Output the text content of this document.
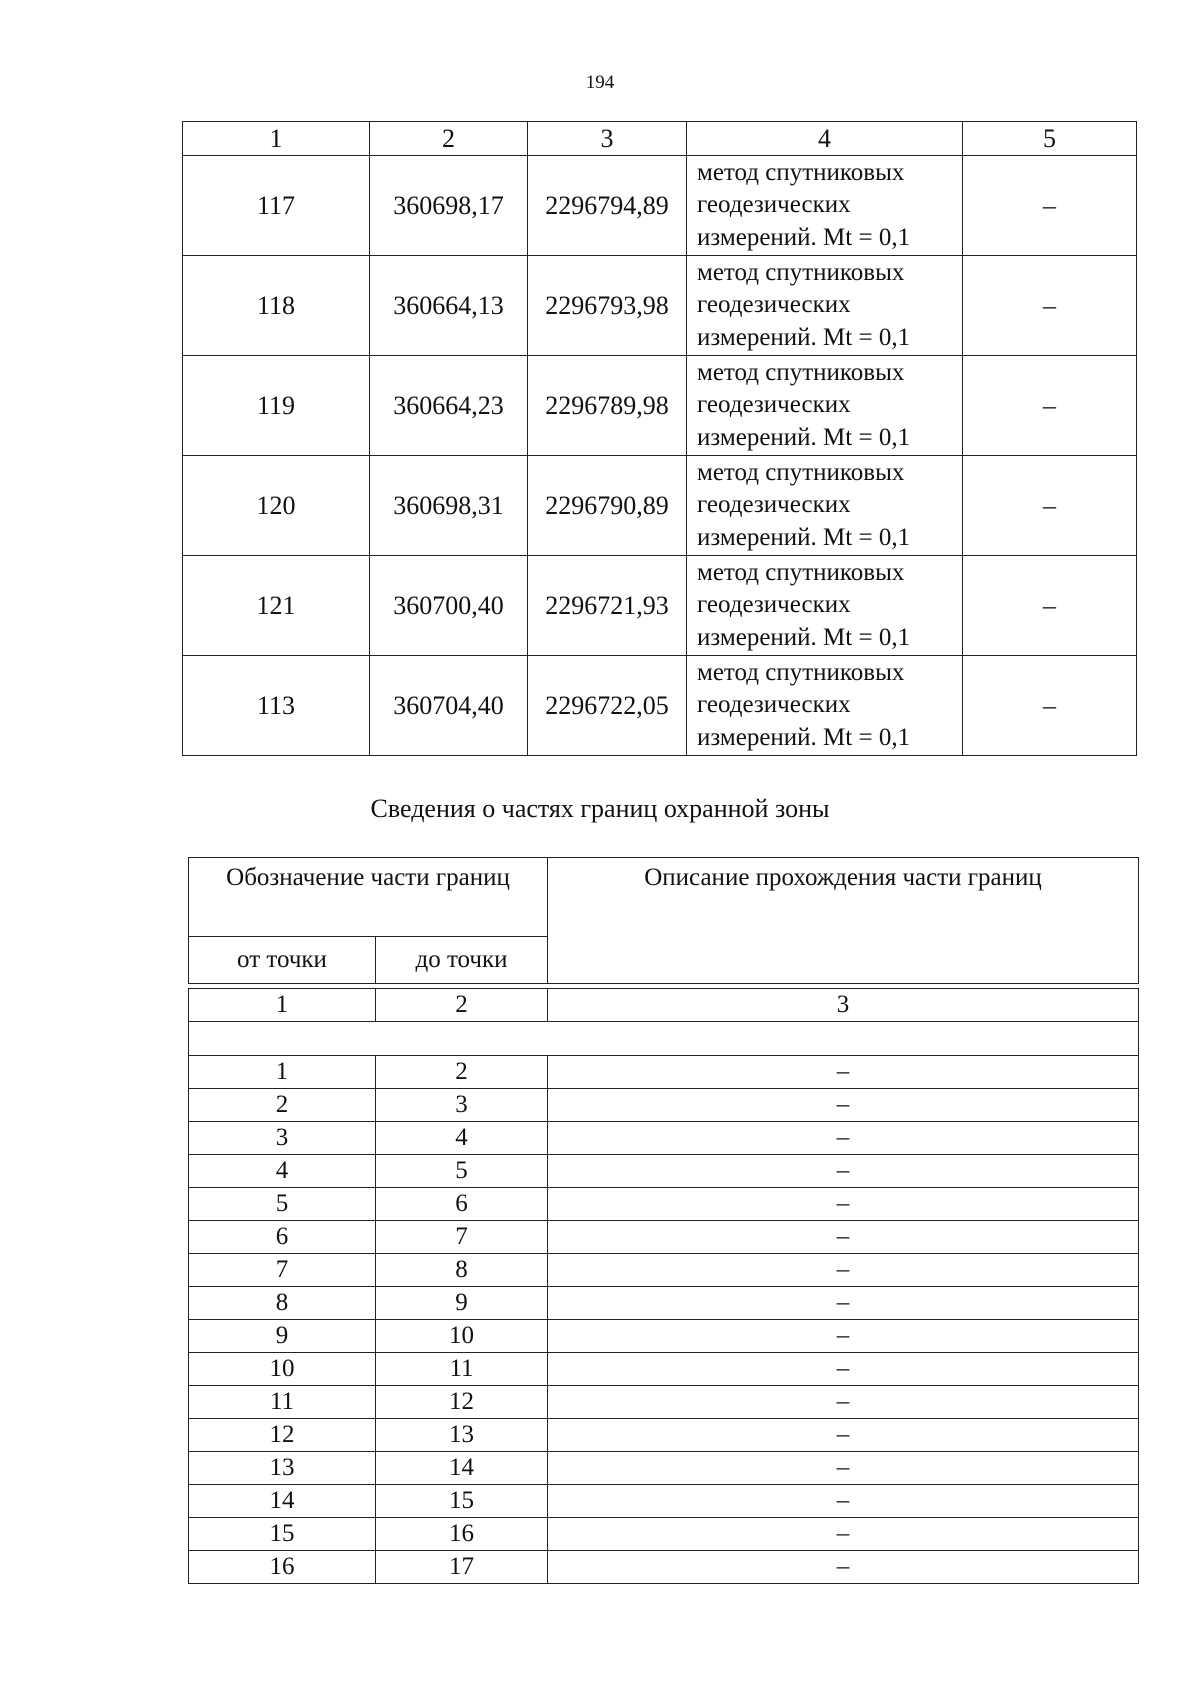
194
1	2	3	4	5
117	360698,17	2296794,89	метод спутниковых
геодезических
измерений. Mt = 0,1	–
118	360664,13	2296793,98	метод спутниковых
геодезических
измерений. Mt = 0,1	–
119	360664,23	2296789,98	метод спутниковых
геодезических
измерений. Mt = 0,1	–
120	360698,31	2296790,89	метод спутниковых
геодезических
измерений. Mt = 0,1	–
121	360700,40	2296721,93	метод спутниковых
геодезических
измерений. Mt = 0,1	–
113	360704,40	2296722,05	метод спутниковых
геодезических
измерений. Mt = 0,1	–
Сведения о частях границ охранной зоны
Обозначение части границ		Описание прохождения части границ
от точки	до точки	

1	2	3

1	2	–
2	3	–
3	4	–
4	5	–
5	6	–
6	7	–
7	8	–
8	9	–
9	10	–
10	11	–
11	12	–
12	13	–
13	14	–
14	15	–
15	16	–
16	17	–
